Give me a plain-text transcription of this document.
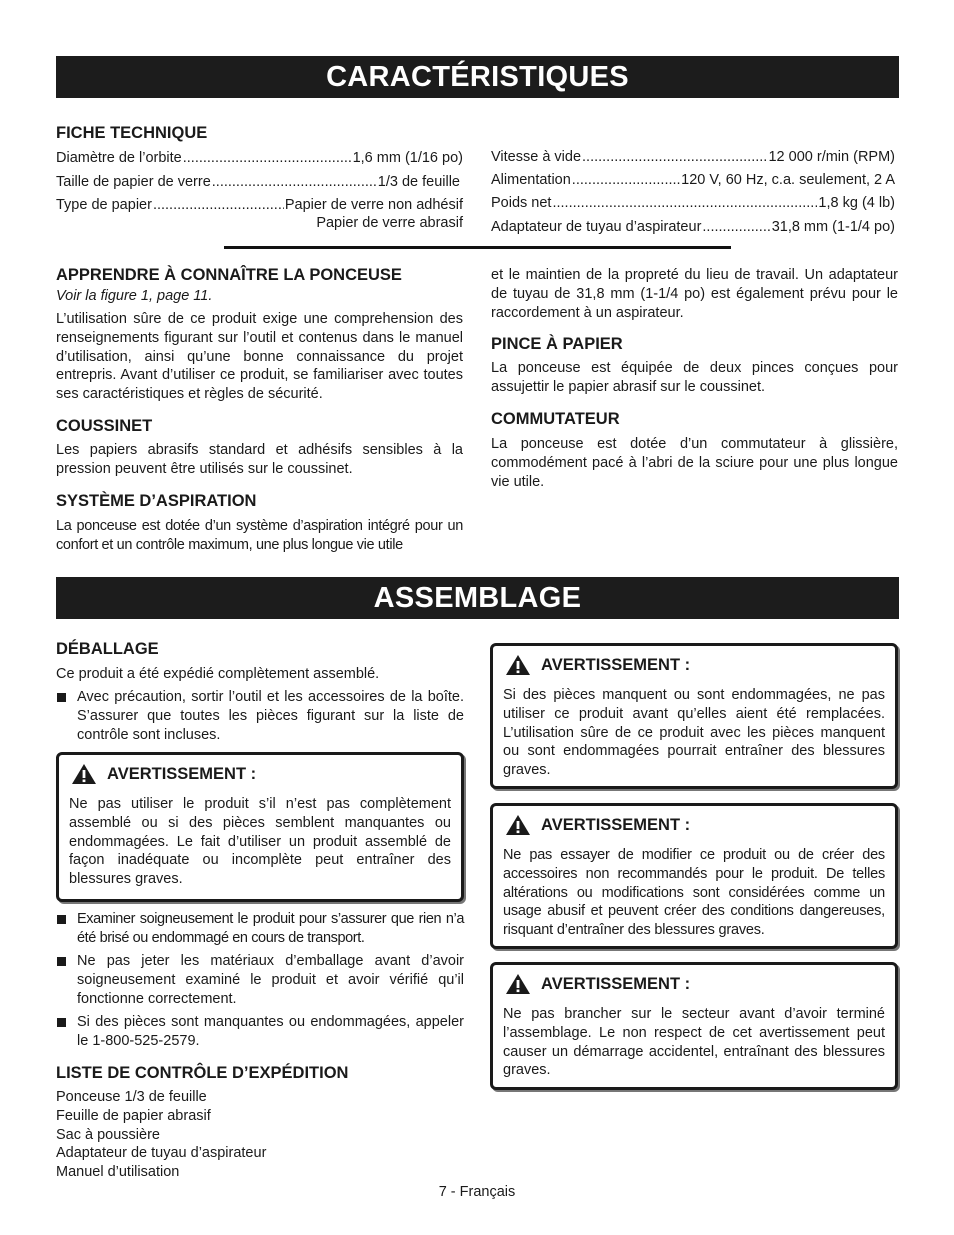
CARACTÉRISTIQUES
FICHE TECHNIQUE
Diamètre de l’orbite .....	1,6 mm (1/16 po)
Taille de papier de verre .....	1/3 de feuille
Type de papier .....	Papier de verre non adhésif
Papier de verre abrasif
Vitesse à vide .....	12 000 r/min (RPM)
Alimentation .....	120 V, 60 Hz, c.a. seulement, 2 A
Poids net .....	1,8 kg (4 lb)
Adaptateur de tuyau d’aspirateur .....	31,8 mm (1-1/4 po)
APPRENDRE À CONNAÎTRE LA PONCEUSE
Voir la figure 1, page 11.
L’utilisation sûre de ce produit exige une comprehension des renseignements figurant sur l’outil et contenus dans le manuel d’utilisation, ainsi qu’une bonne connaissance du projet entrepris. Avant d’utiliser ce produit, se familiariser avec toutes ses caractéristiques et règles de sécurité.
COUSSINET
Les papiers abrasifs standard et adhésifs sensibles à la pression peuvent être utilisés sur le coussinet.
SYSTÈME D’ASPIRATION
La ponceuse est dotée d’un système d’aspiration intégré pour un confort et un contrôle maximum, une plus longue vie utile
et le maintien de la propreté du lieu de travail. Un adaptateur de tuyau de 31,8 mm (1-1/4 po) est également prévu pour le raccordement à un aspirateur.
PINCE À PAPIER
La ponceuse est équipée de deux pinces conçues pour assujettir le papier abrasif sur le coussinet.
COMMUTATEUR
La ponceuse est dotée d’un commutateur à glissière, commodément pacé à l’abri de la sciure pour une plus longue vie utile.
ASSEMBLAGE
DÉBALLAGE
Ce produit a été expédié complètement assemblé.
Avec précaution, sortir l’outil et les accessoires de la boîte. S’assurer que toutes les pièces figurant sur la liste de contrôle sont incluses.
AVERTISSEMENT :

Ne pas utiliser le produit s’il n’est pas complètement assemblé ou si des pièces semblent manquantes ou endommagées. Le fait d’utiliser un produit assemblé de façon inadéquate ou incomplète peut entraîner des blessures graves.

Examiner soigneusement le produit pour s’assurer que rien n’a été brisé ou endommagé en cours de transport.
Ne pas jeter les matériaux d’emballage avant d’avoir soigneusement examiné le produit et avoir vérifié qu’il fonctionne correctement.
Si des pièces sont manquantes ou endommagées, appeler le 1-800-525-2579.
LISTE DE CONTRÔLE D’EXPÉDITION
Ponceuse 1/3 de feuille
Feuille de papier abrasif
Sac à poussière
Adaptateur de tuyau d’aspirateur
Manuel d’utilisation
AVERTISSEMENT :

Si des pièces manquent ou sont endommagées, ne pas utiliser ce produit avant qu’elles aient été remplacées. L’utilisation sûre de ce produit avec les pièces manquent ou sont endommagées pourrait entraîner des blessures graves.

AVERTISSEMENT :

Ne pas essayer de modifier ce produit ou de créer des accessoires non recommandés pour le produit. De telles altérations ou modifications sont considérées comme un usage abusif et peuvent créer des conditions dangereuses, risquant d’entraîner des blessures graves.

AVERTISSEMENT :

Ne pas brancher sur le secteur avant d’avoir terminé l’assemblage. Le non respect de cet avertissement peut causer un démarrage accidentel, entraînant des blessures graves.

7 - Français
